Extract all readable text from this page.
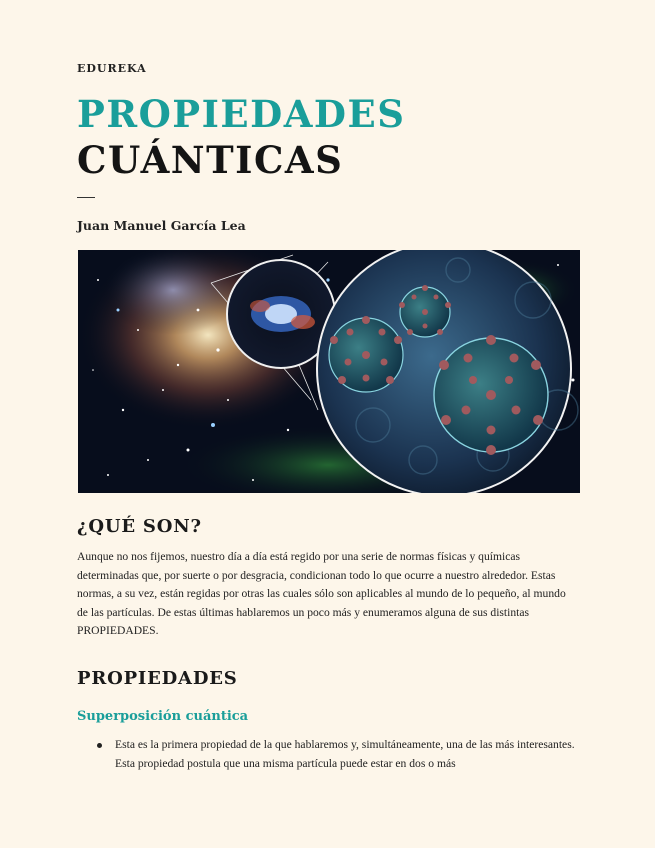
EDUREKA
PROPIEDADES
CUÁNTICAS
Juan Manuel García Lea
¿QUÉ SON?
Aunque no nos fijemos, nuestro día a día está regido por una serie de normas físicas y químicas determinadas que, por suerte o por desgracia, condicionan todo lo que ocurre a nuestro alrededor. Estas normas, a su vez, están regidas por otras las cuales sólo son aplicables al mundo de lo pequeño, al mundo de las partículas. De estas últimas hablaremos un poco más y enumeramos alguna de sus distintas PROPIEDADES.
PROPIEDADES
Superposición cuántica
Esta es la primera propiedad de la que hablaremos y, simultáneamente, una de las más interesantes. Esta propiedad postula que una misma partícula puede estar en dos o más
